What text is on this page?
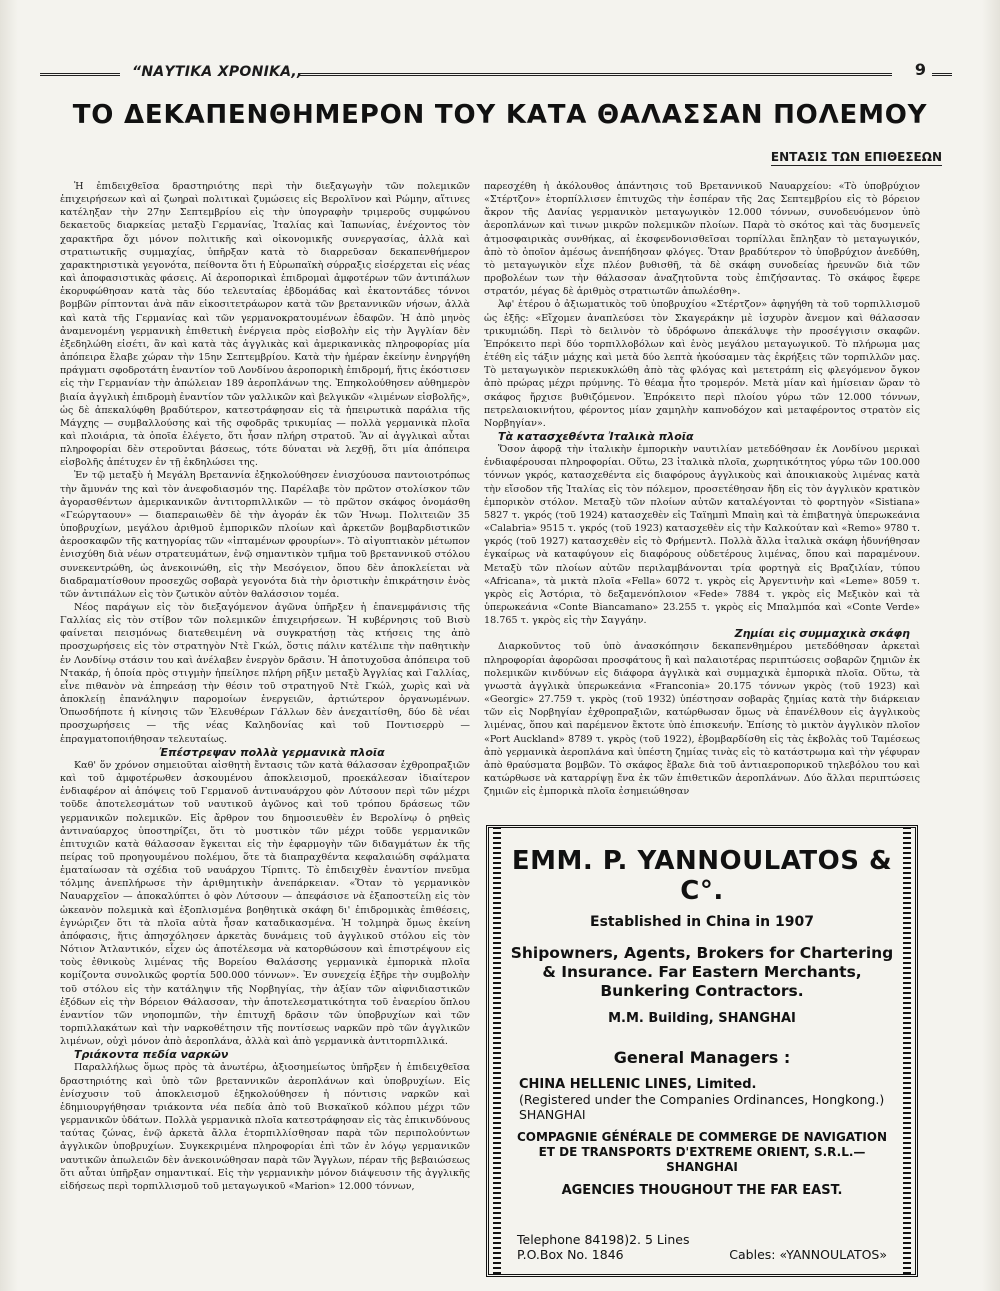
“ΝΑΥΤΙΚΑ ΧΡΟΝΙΚΑ,,	9
ΤΟ ΔΕΚΑΠΕΝΘΗΜΕΡΟΝ ΤΟΥ ΚΑΤΑ ΘΑΛΑΣΣΑΝ ΠΟΛΕΜΟΥ
ΕΝΤΑΣΙΣ ΤΩΝ ΕΠΙΘΕΣΕΩΝ

Ἡ ἐπιδειχθεῖσα δραστηριότης περὶ τὴν διεξαγωγὴν τῶν πολεμικῶν ἐπιχειρήσεων καὶ αἱ ζωηραὶ πολιτικαὶ ζυμώσεις εἰς Βερολῖνον καὶ Ρώμην, αἵτινες κατέληξαν τὴν 27ην Σεπτεμβρίου εἰς τὴν ὑπογραφὴν τριμεροῦς συμφώνου δεκαετοῦς διαρκείας μεταξὺ Γερμανίας, Ἰταλίας καὶ Ἰαπωνίας, ἐνέχοντος τὸν χαρακτῆρα ὄχι μόνον πολιτικῆς καὶ οἰκονομικῆς συνεργασίας, ἀλλὰ καὶ στρατιωτικῆς συμμαχίας, ὑπῆρξαν κατὰ τὸ διαρρεῦσαν δεκαπενθήμερον χαρακτηριστικὰ γεγονότα, πείθοντα ὅτι ἡ Εὐρωπαϊκὴ σύρραξις εἰσέρχεται εἰς νέας καὶ ἀποφασιστικὰς φάσεις. Αἱ ἀεροπορικαὶ ἐπιδρομαὶ ἀμφοτέρων τῶν ἀντιπάλων ἐκορυφώθησαν κατὰ τὰς δύο τελευταίας ἑβδομάδας καὶ ἑκατοντάδες τόννοι βομβῶν ρίπτονται ἀνὰ πᾶν εἰκοσιτετράωρον κατὰ τῶν βρεταννικῶν νήσων, ἀλλὰ καὶ κατὰ τῆς Γερμανίας καὶ τῶν γερμανοκρατουμένων ἐδαφῶν. Ἡ ἀπὸ μηνὸς ἀναμενομένη γερμανικὴ ἐπιθετικὴ ἐνέργεια πρὸς εἰσβολὴν εἰς τὴν Ἀγγλίαν δὲν ἐξεδηλώθη εἰσέτι, ἂν καὶ κατὰ τὰς ἀγγλικὰς καὶ ἀμερικανικὰς πληροφορίας μία ἀπόπειρα ἔλαβε χώραν τὴν 15ην Σεπτεμβρίου. Κατὰ τὴν ἡμέραν ἐκείνην ἐνηργήθη πράγματι σφοδροτάτη ἐναντίον τοῦ Λονδίνου ἀεροπορικὴ ἐπιδρομή, ἥτις ἐκόστισεν εἰς τὴν Γερμανίαν τὴν ἀπώλειαν 189 ἀεροπλάνων της. Ἐπηκολούθησεν αὐθημερὸν βιαία ἀγγλικὴ ἐπιδρομὴ ἐναντίον τῶν γαλλικῶν καὶ βελγικῶν «λιμένων εἰσβολῆς», ὡς δὲ ἀπεκαλύφθη βραδύτερον, κατεστράφησαν εἰς τὰ ἠπειρωτικὰ παράλια τῆς Μάγχης — συμβαλλούσης καὶ τῆς σφοδρᾶς τρικυμίας — πολλὰ γερμανικὰ πλοῖα καὶ πλοιάρια, τὰ ὁποῖα ἐλέγετο, ὅτι ἦσαν πλήρη στρατοῦ. Ἂν αἱ ἀγγλικαὶ αὗται πληροφορίαι δὲν στεροῦνται βάσεως, τότε δύναται νὰ λεχθῇ, ὅτι μία ἀπόπειρα εἰσβολῆς ἀπέτυχεν ἐν τῇ ἐκδηλώσει της.

Ἐν τῷ μεταξὺ ἡ Μεγάλη Βρεταννία ἐξηκολούθησεν ἐνισχύουσα παντοιοτρόπως τὴν ἄμυνάν της καὶ τὸν ἀνεφοδιασμόν της. Παρέλαβε τὸν πρῶτον στολίσκον τῶν ἀγορασθέντων ἀμερικανικῶν ἀντιτορπιλλικῶν — τὸ πρῶτον σκάφος ὀνομάσθη «Γεώργταουν» — διαπεραιωθὲν δὲ τὴν ἀγοράν ἐκ τῶν Ἡνωμ. Πολιτειῶν 35 ὑποβρυχίων, μεγάλου ἀριθμοῦ ἐμπορικῶν πλοίων καὶ ἀρκετῶν βομβαρδιστικῶν ἀεροσκαφῶν τῆς κατηγορίας τῶν «ἱπταμένων φρουρίων». Τὸ αἰγυπτιακὸν μέτωπον ἐνισχύθη διὰ νέων στρατευμάτων, ἐνῷ σημαντικὸν τμῆμα τοῦ βρεταννικοῦ στόλου συνεκεντρώθη, ὡς ἀνεκοινώθη, εἰς τὴν Μεσόγειον, ὅπου δὲν ἀποκλείεται νὰ διαδραματίσθουν προσεχῶς σοβαρὰ γεγονότα διὰ τὴν ὁριστικὴν ἐπικράτησιν ἑνὸς τῶν ἀντιπάλων εἰς τὸν ζωτικὸν αὐτὸν θαλάσσιον τομέα.

Νέος παράγων εἰς τὸν διεξαγόμενον ἀγῶνα ὑπῆρξεν ἡ ἐπανεμφάνισις τῆς Γαλλίας εἰς τὸν στίβον τῶν πολεμικῶν ἐπιχειρήσεων. Ἡ κυβέρνησις τοῦ Βισὺ φαίνεται πεισμόνως διατεθειμένη νὰ συγκρατήσῃ τὰς κτήσεις της ἀπὸ προσχωρήσεις εἰς τὸν στρατηγὸν Ντὲ Γκώλ, ὅστις πάλιν κατέλιπε τὴν παθητικὴν ἐν Λονδίνῳ στάσιν του καὶ ἀνέλαβεν ἐνεργὸν δρᾶσιν. Ἡ ἀποτυχοῦσα ἀπόπειρα τοῦ Ντακάρ, ἡ ὁποία πρὸς στιγμὴν ἠπείλησε πλήρη ρῆξιν μεταξὺ Ἀγγλίας καὶ Γαλλίας, εἶνε πιθανὸν νὰ ἐπηρεάσῃ τὴν θέσιν τοῦ στρατηγοῦ Ντὲ Γκώλ, χωρὶς καὶ νὰ ἀποκλείῃ ἐπανάληψιν παρομοίων ἐνεργειῶν, ἀρτιώτερον ὀργανωμένων. Ὁπωσδήποτε ἡ κίνησις τῶν Ἐλευθέρων Γάλλων δὲν ἀνεχαιτίσθη, δύο δὲ νέαι προσχωρήσεις — τῆς νέας Καληδονίας καὶ τοῦ Ποντισερρὺ — ἐπραγματοποιήθησαν τελευταίως.

Ἐπέστρεψαν πολλὰ γερμανικὰ πλοῖα

Καθ' ὅν χρόνον σημειοῦται αἰσθητὴ ἔντασις τῶν κατὰ θάλασσαν ἐχθροπραξιῶν καὶ τοῦ ἀμφοτέρωθεν ἀσκουμένου ἀποκλεισμοῦ, προεκάλεσαν ἰδιαίτερον ἐνδιαφέρον αἱ ἀπόψεις τοῦ Γερμανοῦ ἀντιναυάρχου φὸν Λύτσουν περὶ τῶν μέχρι τοῦδε ἀποτελεσμάτων τοῦ ναυτικοῦ ἀγῶνος καὶ τοῦ τρόπου δράσεως τῶν γερμανικῶν πολεμικῶν. Εἰς ἄρθρον του δημοσιευθὲν ἐν Βερολίνῳ ὁ ρηθεὶς ἀντιναύαρχος ὑποστηρίζει, ὅτι τὸ μυστικὸν τῶν μέχρι τοῦδε γερμανικῶν ἐπιτυχιῶν κατὰ θάλασσαν ἔγκειται εἰς τὴν ἐφαρμογὴν τῶν διδαγμάτων ἐκ τῆς πείρας τοῦ προηγουμένου πολέμου, ὅτε τὰ διαπραχθέντα κεφαλαιώδη σφάλματα ἐματαίωσαν τὰ σχέδια τοῦ ναυάρχου Τίρπιτς. Τὸ ἐπιδειχθὲν ἐναντίον πνεῦμα τόλμης ἀνεπλήρωσε τὴν ἀριθμητικὴν ἀνεπάρκειαν. «Ὅταν τὸ γερμανικὸν Ναυαρχεῖον — ἀποκαλύπτει ὁ φὸν Λύτσουν — ἀπεφάσισε νὰ ἐξαποστείλῃ εἰς τὸν ὠκεανὸν πολεμικὰ καὶ ἐξοπλισμένα βοηθητικὰ σκάφη δι' ἐπιδρομικὰς ἐπιθέσεις, ἐγνώριζεν ὅτι τὰ πλοῖα αὐτὰ ἦσαν καταδικασμένα. Ἡ τολμηρὰ ὅμως ἐκείνη ἀπόφασις, ἥτις ἀπησχόλησεν ἀρκετὰς δυνάμεις τοῦ ἀγγλικοῦ στόλου εἰς τὸν Νότιον Ἀτλαντικόν, εἶχεν ὡς ἀποτέλεσμα νὰ κατορθώσουν καὶ ἐπιστρέψουν εἰς τοὺς ἐθνικοὺς λιμένας τῆς Βορείου Θαλάσσης γερμανικὰ ἐμπορικὰ πλοῖα κομίζοντα συνολικῶς φορτία 500.000 τόννων». Ἐν συνεχείᾳ ἐξῆρε τὴν συμβολὴν τοῦ στόλου εἰς τὴν κατάληψιν τῆς Νορβηγίας, τὴν ἀξίαν τῶν αἰφνιδιαστικῶν ἐξόδων εἰς τὴν Βόρειον Θάλασσαν, τὴν ἀποτελεσματικότητα τοῦ ἐναερίου ὅπλου ἐναντίον τῶν νηοπομπῶν, τὴν ἐπιτυχῆ δρᾶσιν τῶν ὑποβρυχίων καὶ τῶν τορπιλλακάτων καὶ τὴν ναρκοθέτησιν τῆς ποντίσεως ναρκῶν πρὸ τῶν ἀγγλικῶν λιμένων, οὐχὶ μόνον ἀπὸ ἀεροπλάνα, ἀλλὰ καὶ ἀπὸ γερμανικὰ ἀντιτορπιλλικά.

Τριάκοντα πεδία ναρκῶν

Παραλλήλως ὅμως πρὸς τὰ ἀνωτέρω, ἀξιοσημείωτος ὑπῆρξεν ἡ ἐπιδειχθεῖσα δραστηριότης καὶ ὑπὸ τῶν βρεταννικῶν ἀεροπλάνων καὶ ὑποβρυχίων. Εἰς ἐνίσχυσιν τοῦ ἀποκλεισμοῦ ἐξηκολούθησεν ἡ πόντισις ναρκῶν καὶ ἐδημιουργήθησαν τριάκοντα νέα πεδία ἀπὸ τοῦ Βισκαϊκοῦ κόλπου μέχρι τῶν γερμανικῶν ὑδάτων. Πολλὰ γερμανικὰ πλοῖα κατεστράφησαν εἰς τὰς ἐπικινδύνους ταύτας ζώνας, ἐνῷ ἀρκετὰ ἄλλα ἐτορπιλλίσθησαν παρὰ τῶν περιπολούντων ἀγγλικῶν ὑποβρυχίων. Συγκεκριμένα πληροφορίαι ἐπὶ τῶν ἐν λόγῳ γερμανικῶν ναυτικῶν ἀπωλειῶν δὲν ἀνεκοινώθησαν παρὰ τῶν Ἄγγλων, πέραν τῆς βεβαιώσεως ὅτι αὗται ὑπῆρξαν σημαντικαί. Εἰς τὴν γερμανικὴν μόνον διάψευσιν τῆς ἀγγλικῆς εἰδήσεως περὶ τορπιλλισμοῦ τοῦ μεταγωγικοῦ «Marion» 12.000 τόννων,

παρεσχέθη ἡ ἀκόλουθος ἀπάντησις τοῦ Βρεταννικοῦ Ναυαρχείου: «Τὸ ὑποβρύχιον «Στέρτζον» ἐτορπίλλισεν ἐπιτυχῶς τὴν ἑσπέραν τῆς 2ας Σεπτεμβρίου εἰς τὸ βόρειον ἄκρον τῆς Δανίας γερμανικὸν μεταγωγικὸν 12.000 τόννων, συνοδευόμενον ὑπὸ ἀεροπλάνων καὶ τινων μικρῶν πολεμικῶν πλοίων. Παρὰ τὸ σκότος καὶ τὰς δυσμενεῖς ἀτμοσφαιρικὰς συνθήκας, αἱ ἐκσφενδονισθεῖσαι τορπίλλαι ἔπληξαν τὸ μεταγωγικόν, ἀπὸ τὸ ὁποῖον ἀμέσως ἀνεπήδησαν φλόγες. Ὅταν βραδύτερον τὸ ὑποβρύχιον ἀνεδύθη, τὸ μεταγωγικὸν εἶχε πλέον βυθισθῆ, τὰ δὲ σκάφη συνοδείας ἠρευνῶν διὰ τῶν προβολέων των τὴν θάλασσαν ἀναζητοῦντα τοὺς ἐπιζήσαντας. Τὸ σκάφος ἔφερε στρατόν, μέγας δὲ ἀριθμὸς στρατιωτῶν ἀπωλέσθη».

Ἀφ' ἑτέρου ὁ ἀξιωματικὸς τοῦ ὑποβρυχίου «Στέρτζον» ἀφηγήθη τὰ τοῦ τορπιλλισμοῦ ὡς ἑξῆς: «Εἴχομεν ἀναπλεύσει τὸν Σκαγεράκην μὲ ἰσχυρὸν ἄνεμον καὶ θάλασσαν τρικυμιώδη. Περὶ τὸ δειλινὸν τὸ ὑδρόφωνο ἀπεκάλυψε τὴν προσέγγισιν σκαφῶν. Ἐπρόκειτο περὶ δύο τορπιλλοβόλων καὶ ἑνὸς μεγάλου μεταγωγικοῦ. Τὸ πλήρωμα μας ἐτέθη εἰς τάξιν μάχης καὶ μετὰ δύο λεπτὰ ἠκούσαμεν τὰς ἐκρήξεις τῶν τορπιλλῶν μας. Τὸ μεταγωγικὸν περιεκυκλώθη ἀπὸ τὰς φλόγας καὶ μετετράπη εἰς φλεγόμενον ὄγκον ἀπὸ πρώρας μέχρι πρύμνης. Τὸ θέαμα ἦτο τρομερόν. Μετὰ μίαν καὶ ἡμίσειαν ὥραν τὸ σκάφος ἤρχισε βυθιζόμενον. Ἐπρόκειτο περὶ πλοίου γύρω τῶν 12.000 τόννων, πετρελαιοκινήτου, φέροντος μίαν χαμηλὴν καπνοδόχον καὶ μεταφέροντος στρατὸν εἰς Νορβηγίαν».

Τὰ κατασχεθέντα Ἰταλικὰ πλοῖα

Ὅσον ἀφορᾷ τὴν ἰταλικὴν ἐμπορικὴν ναυτιλίαν μετεδόθησαν ἐκ Λονδίνου μερικαὶ ἐνδιαφέρουσαι πληροφορίαι. Οὕτω, 23 ἰταλικὰ πλοῖα, χωρητικότητος γύρω τῶν 100.000 τόννων γκρός, κατασχεθέντα εἰς διαφόρους ἀγγλικοὺς καὶ ἀποικιακοὺς λιμένας κατὰ τὴν εἴσοδον τῆς Ἰταλίας εἰς τὸν πόλεμον, προσετέθησαν ἤδη εἰς τὸν ἀγγλικὸν κρατικὸν ἐμπορικὸν στόλον. Μεταξὺ τῶν πλοίων αὐτῶν καταλέγονται τὸ φορτηγὸν «Sistiana» 5827 τ. γκρός (τοῦ 1924) κατασχεθὲν εἰς Ταϊημπὶ Μπαὶη καὶ τὰ ἐπιβατηγὰ ὑπερωκεάνια «Calabria» 9515 τ. γκρός (τοῦ 1923) κατασχεθὲν εἰς τὴν Καλκούταν καὶ «Remo» 9780 τ. γκρός (τοῦ 1927) κατασχεθὲν εἰς τὸ Φρήμεντλ. Πολλὰ ἄλλα ἰταλικὰ σκάφη ἠδυνήθησαν ἐγκαίρως νὰ καταφύγουν εἰς διαφόρους οὐδετέρους λιμένας, ὅπου καὶ παραμένουν. Μεταξὺ τῶν πλοίων αὐτῶν περιλαμβάνονται τρία φορτηγὰ εἰς Βραζιλίαν, τύπου «Africana», τὰ μικτὰ πλοῖα «Fella» 6072 τ. γκρὸς εἰς Ἀργεντινὴν καὶ «Leme» 8059 τ. γκρὸς εἰς Ἀστόρια, τὸ δεξαμενόπλοιον «Fede» 7884 τ. γκρὸς εἰς Μεξικὸν καὶ τὰ ὑπερωκεάνια «Conte Biancamano» 23.255 τ. γκρὸς εἰς Μπαλμπόα καὶ «Conte Verde» 18.765 τ. γκρὸς εἰς τὴν Σαγγάην.

Ζημίαι εἰς συμμαχικὰ σκάφη

Διαρκοῦντος τοῦ ὑπὸ ἀνασκόπησιν δεκαπενθημέρου μετεδόθησαν ἀρκεταὶ πληροφορίαι ἀφορῶσαι προσφάτους ἢ καὶ παλαιοτέρας περιπτώσεις σοβαρῶν ζημιῶν ἐκ πολεμικῶν κινδύνων εἰς διάφορα ἀγγλικὰ καὶ συμμαχικὰ ἐμπορικὰ πλοῖα. Οὕτω, τὰ γνωστὰ ἀγγλικὰ ὑπερωκεάνια «Franconia» 20.175 τόννων γκρὸς (τοῦ 1923) καὶ «Georgic» 27.759 τ. γκρὸς (τοῦ 1932) ὑπέστησαν σοβαρὰς ζημίας κατὰ τὴν διάρκειαν τῶν εἰς Νορβηγίαν ἐχθροπραξιῶν, κατώρθωσαν ὅμως νὰ ἐπανέλθουν εἰς ἀγγλικοὺς λιμένας, ὅπου καὶ παρέμενον ἔκτοτε ὑπὸ ἐπισκευήν. Ἐπίσης τὸ μικτὸν ἀγγλικὸν πλοῖον «Port Auckland» 8789 τ. γκρὸς (τοῦ 1922), ἐβομβαρδίσθη εἰς τὰς ἐκβολὰς τοῦ Ταμέσεως ἀπὸ γερμανικὰ ἀεροπλάνα καὶ ὑπέστη ζημίας τινὰς εἰς τὸ κατάστρωμα καὶ τὴν γέφυραν ἀπὸ θραύσματα βομβῶν. Τὸ σκάφος ἔβαλε διὰ τοῦ ἀντιαεροπορικοῦ τηλεβόλου του καὶ κατώρθωσε νὰ καταρρίψῃ ἕνα ἐκ τῶν ἐπιθετικῶν ἀεροπλάνων. Δύο ἄλλαι περιπτώσεις ζημιῶν εἰς ἐμπορικὰ πλοῖα ἐσημειώθησαν

EMM. P. YANNOULATOS & C°.
Established in China in 1907
Shipowners, Agents, Brokers for Chartering & Insurance. Far Eastern Merchants, Bunkering Contractors.
M.M. Building, SHANGHAI
General Managers :
CHINA HELLENIC LINES, Limited.
(Registered under the Companies Ordinances, Hongkong.) SHANGHAI
COMPAGNIE GÉNÉRALE DE COMMERGE DE NAVIGATION ET DE TRANSPORTS D'EXTREME ORIENT, S.R.L.—SHANGHAI
AGENCIES THOUGHOUT THE FAR EAST.
Telephone 84198)2. 5 Lines
P.O.Box No. 1846	Cables: «YANNOULATOS»
